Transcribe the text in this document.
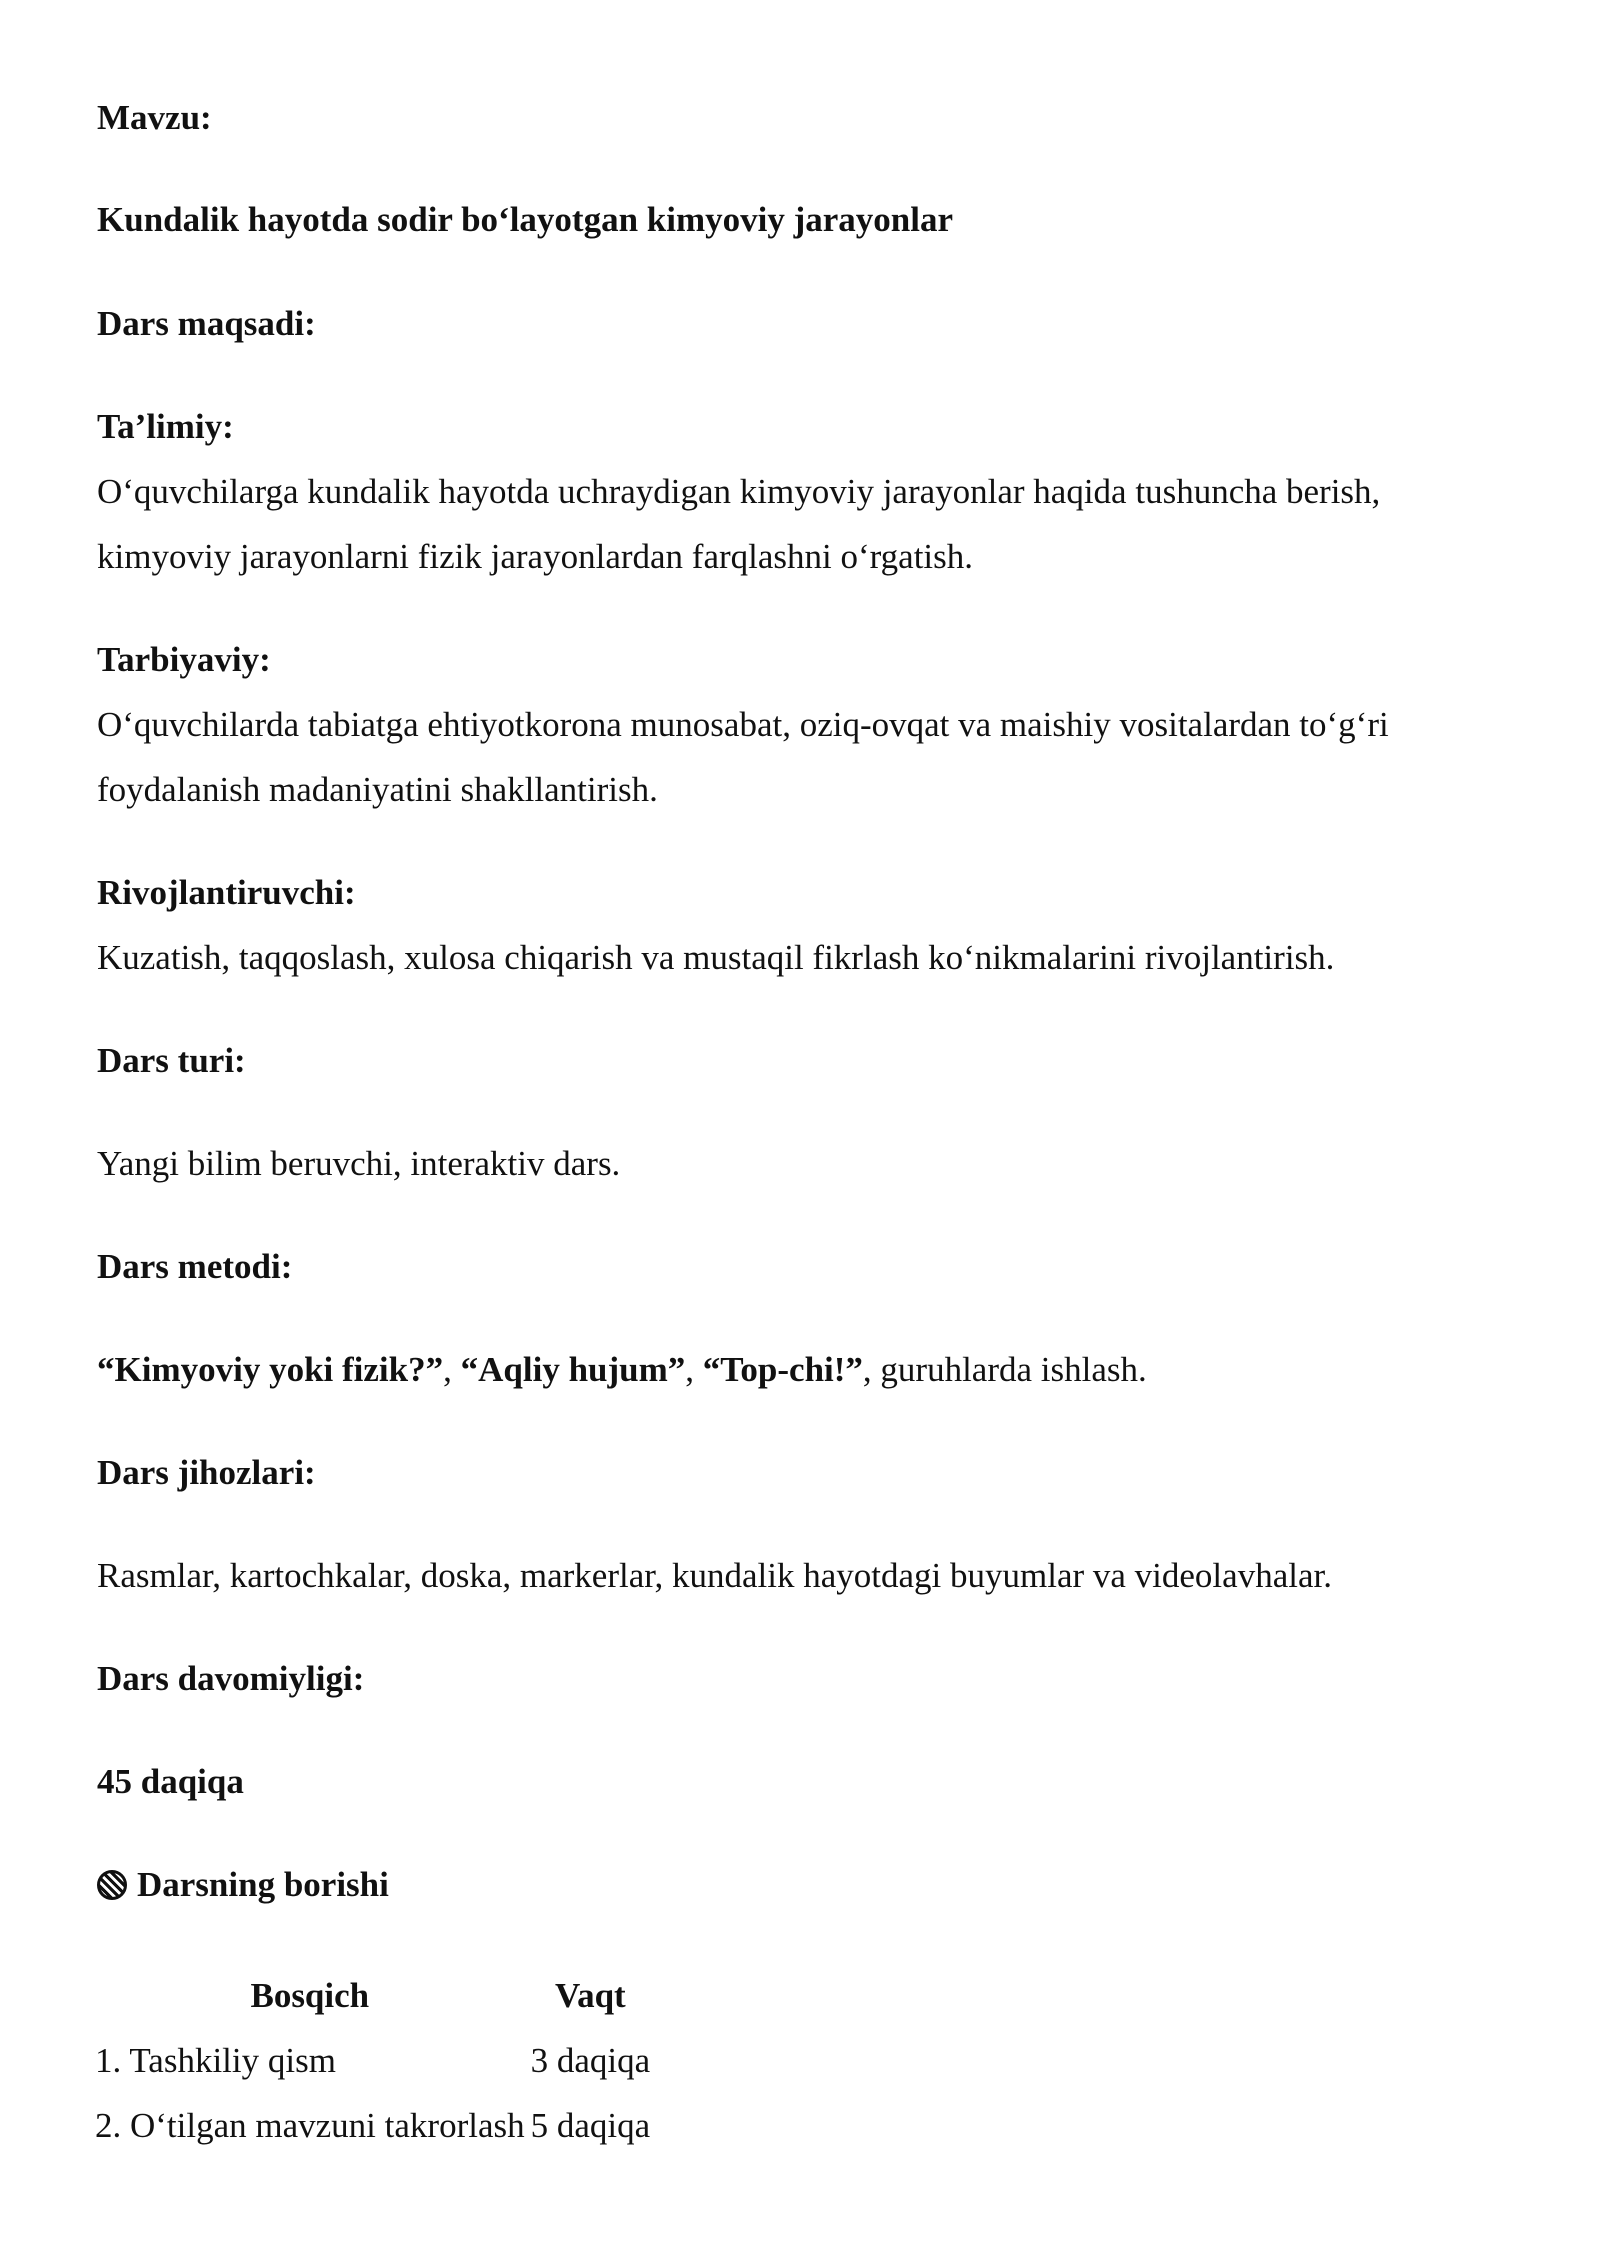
Mavzu:
Kundalik hayotda sodir bo‘layotgan kimyoviy jarayonlar
Dars maqsadi:
Ta’limiy:
O‘quvchilarga kundalik hayotda uchraydigan kimyoviy jarayonlar haqida tushuncha berish,
kimyoviy jarayonlarni fizik jarayonlardan farqlashni o‘rgatish.
Tarbiyaviy:
O‘quvchilarda tabiatga ehtiyotkorona munosabat, oziq-ovqat va maishiy vositalardan to‘g‘ri
foydalanish madaniyatini shakllantirish.
Rivojlantiruvchi:
Kuzatish, taqqoslash, xulosa chiqarish va mustaqil fikrlash ko‘nikmalarini rivojlantirish.
Dars turi:
Yangi bilim beruvchi, interaktiv dars.
Dars metodi:
“Kimyoviy yoki fizik?”, “Aqliy hujum”, “Top-chi!”, guruhlarda ishlash.
Dars jihozlari:
Rasmlar, kartochkalar, doska, markerlar, kundalik hayotdagi buyumlar va videolavhalar.
Dars davomiyligi:
45 daqiqa
Darsning borishi
Bosqich	Vaqt
1. Tashkiliy qism	3 daqiqa
2. O‘tilgan mavzuni takrorlash	5 daqiqa
